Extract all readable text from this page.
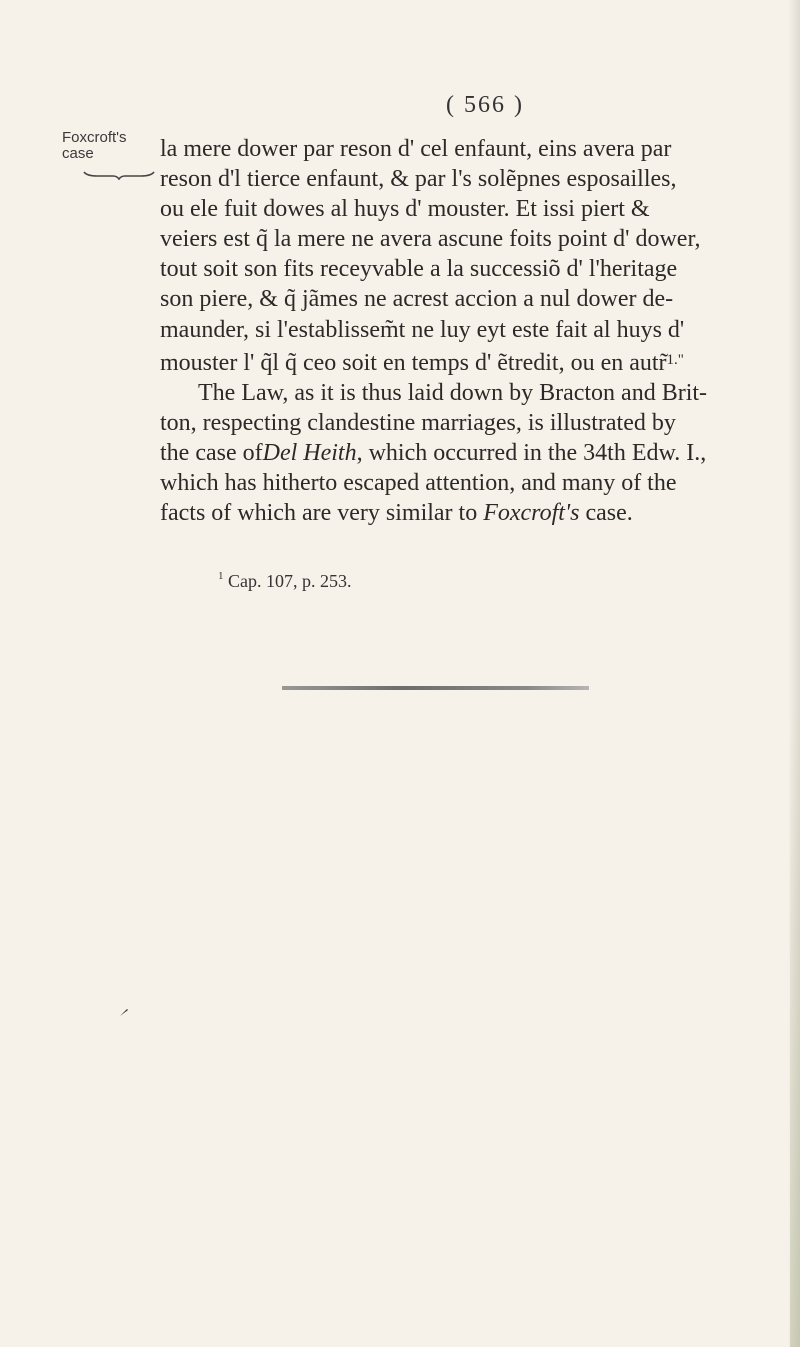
( 566 )
Foxcroft's case	la mere dower par reson d' cel enfaunt, eins avera par
reson d'l tierce enfaunt, & par l's solẽpnes esposailles,
ou ele fuit dowes al huys d' mouster. Et issi piert &
veiers est q̃ la mere ne avera ascune foits point d' dower,
tout soit son fits receyvable a la successiõ d' l'heritage
son piere, & q̃ jãmes ne acrest accion a nul dower de-
maunder, si l'establissem̃t ne luy eyt este fait al huys d'
mouster l' q̃l q̃ ceo soit en temps d' ẽtredit, ou en autr̃$^{1."}$

The Law, as it is thus laid down by Bracton and Brit-
ton, respecting clandestine marriages, is illustrated by
the case ofDel Heith, which occurred in the 34th Edw. I.,
which has hitherto escaped attention, and many of the
facts of which are very similar to Foxcroft's case.

$^1$ Cap. 107, p. 253.
